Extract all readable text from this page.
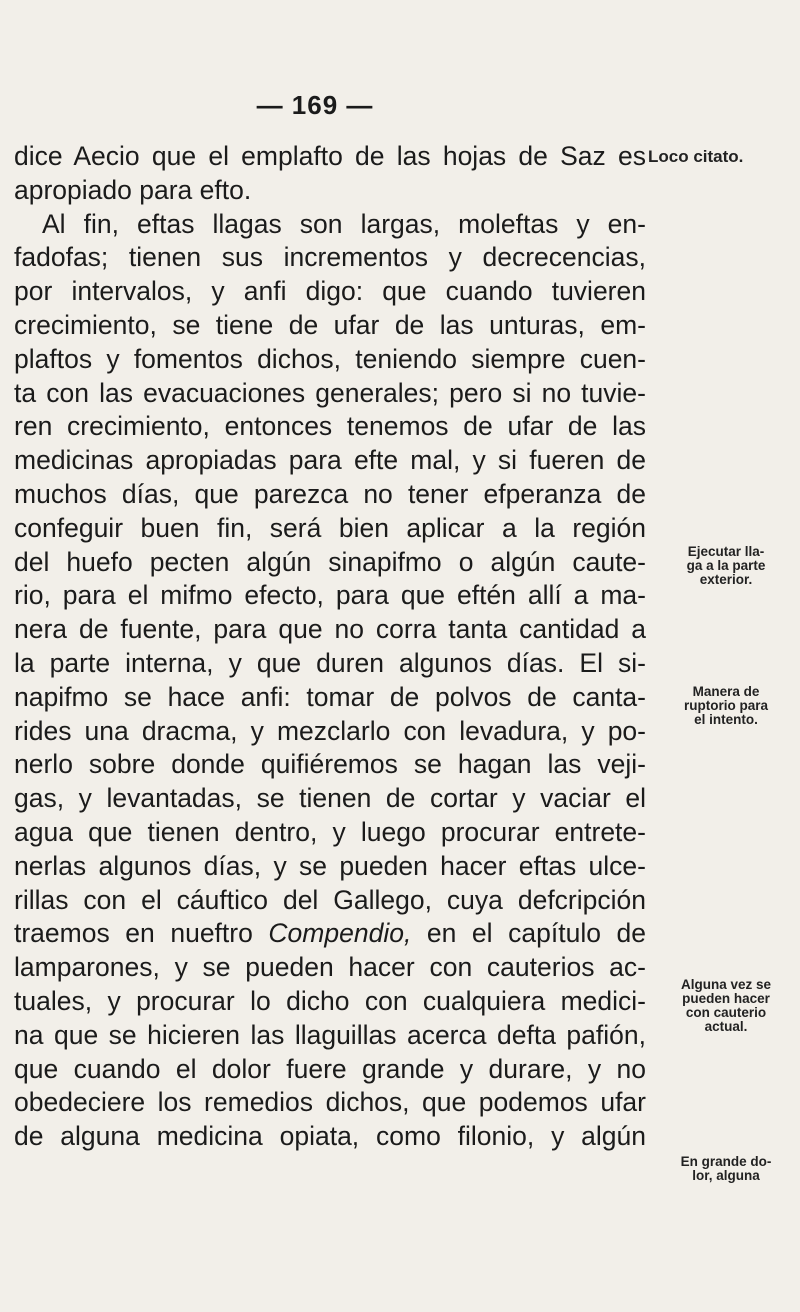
— 169 —
dice Aecio que el emplafto de las hojas de Saz es
apropiado para efto.
Al fin, eftas llagas son largas, moleftas y en-
fadofas; tienen sus incrementos y decrecencias,
por intervalos, y anfi digo: que cuando tuvieren
crecimiento, se tiene de ufar de las unturas, em-
plaftos y fomentos dichos, teniendo siempre cuen-
ta con las evacuaciones generales; pero si no tuvie-
ren crecimiento, entonces tenemos de ufar de las
medicinas apropiadas para efte mal, y si fueren de
muchos días, que parezca no tener efperanza de
confeguir buen fin, será bien aplicar a la región
del huefo pecten algún sinapifmo o algún caute-
rio, para el mifmo efecto, para que eftén allí a ma-
nera de fuente, para que no corra tanta cantidad a
la parte interna, y que duren algunos días. El si-
napifmo se hace anfi: tomar de polvos de canta-
rides una dracma, y mezclarlo con levadura, y po-
nerlo sobre donde quifiéremos se hagan las veji-
gas, y levantadas, se tienen de cortar y vaciar el
agua que tienen dentro, y luego procurar entrete-
nerlas algunos días, y se pueden hacer eftas ulce-
rillas con el cáuftico del Gallego, cuya defcripción
traemos en nueftro Compendio, en el capítulo de
lamparones, y se pueden hacer con cauterios ac-
tuales, y procurar lo dicho con cualquiera medici-
na que se hicieren las llaguillas acerca defta pafión,
que cuando el dolor fuere grande y durare, y no
obedeciere los remedios dichos, que podemos ufar
de alguna medicina opiata, como filonio, y algún
Loco citato.
Ejecutar lla-
ga a la parte
exterior.
Manera de
ruptorio para
el intento.
Alguna vez se
pueden hacer
con cauterio
actual.
En grande do-
lor, alguna
